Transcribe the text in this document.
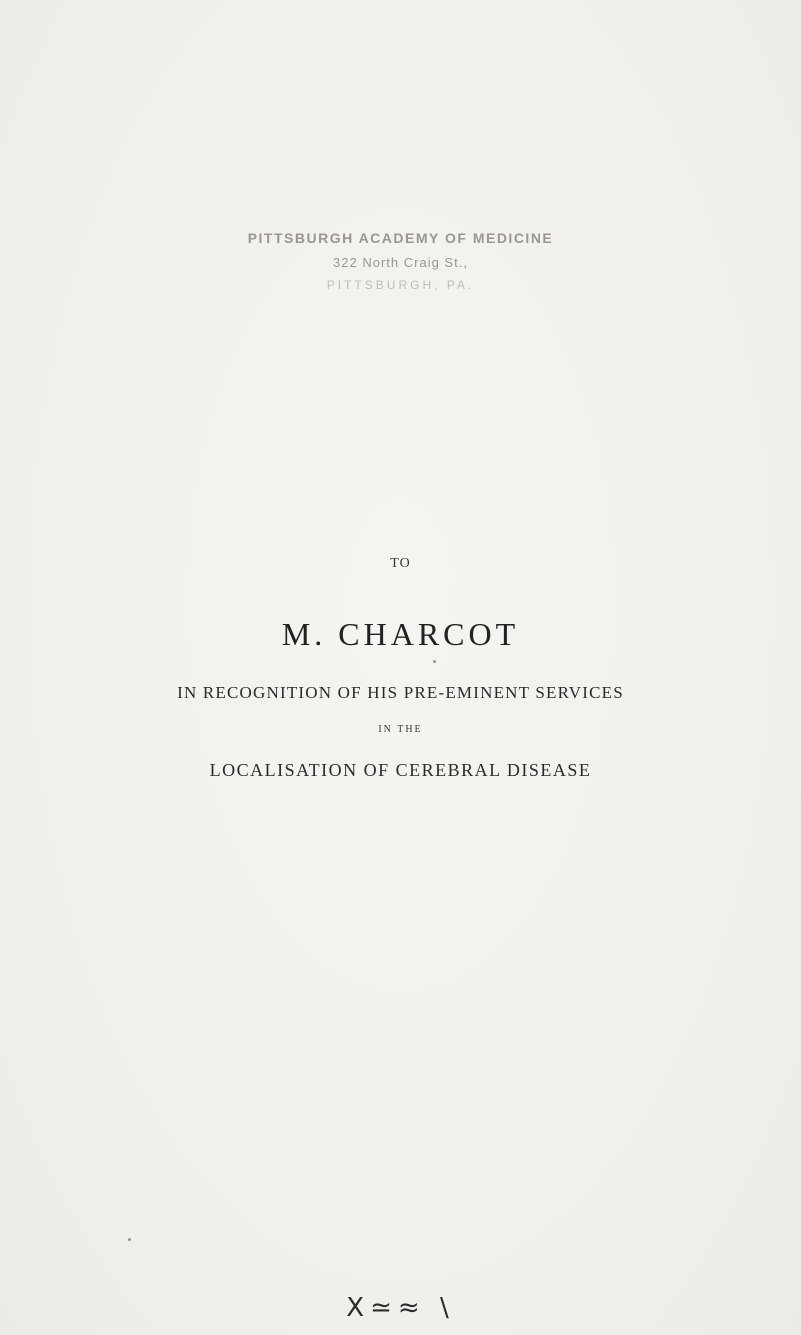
PITTSBURGH ACADEMY OF MEDICINE
322 North Craig St.,
PITTSBURGH, PA.
TO
M. CHARCOT
IN RECOGNITION OF HIS PRE-EMINENT SERVICES
IN THE
LOCALISATION OF CEREBRAL DISEASE
X≃≈ \
